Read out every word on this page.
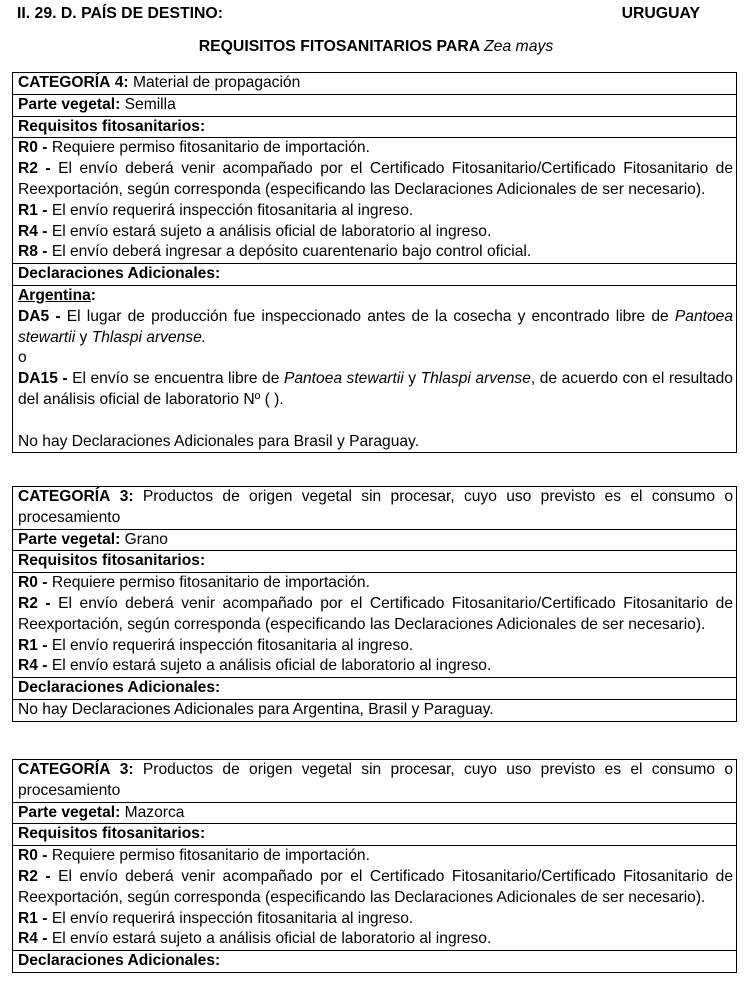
II. 29. D. PAÍS DE DESTINO:	URUGUAY
REQUISITOS FITOSANITARIOS PARA Zea mays
CATEGORÍA 4: Material de propagación
Parte vegetal: Semilla
Requisitos fitosanitarios:

R0 - Requiere permiso fitosanitario de importación.
R2 - El envío deberá venir acompañado por el Certificado Fitosanitario/Certificado Fitosanitario de Reexportación, según corresponda (especificando las Declaraciones Adicionales de ser necesario).
R1 - El envío requerirá inspección fitosanitaria al ingreso.
R4 - El envío estará sujeto a análisis oficial de laboratorio al ingreso.
R8 - El envío deberá ingresar a depósito cuarentenario bajo control oficial.

Declaraciones Adicionales:

Argentina:
DA5 - El lugar de producción fue inspeccionado antes de la cosecha y encontrado libre de Pantoea stewartii y Thlaspi arvense.
o
DA15 - El envío se encuentra libre de Pantoea stewartii y Thlaspi arvense, de acuerdo con el resultado del análisis oficial de laboratorio Nº ( ).
No hay Declaraciones Adicionales para Brasil y Paraguay.
CATEGORÍA 3: Productos de origen vegetal sin procesar, cuyo uso previsto es el consumo o procesamiento
Parte vegetal: Grano
Requisitos fitosanitarios:

R0 - Requiere permiso fitosanitario de importación.
R2 - El envío deberá venir acompañado por el Certificado Fitosanitario/Certificado Fitosanitario de Reexportación, según corresponda (especificando las Declaraciones Adicionales de ser necesario).
R1 - El envío requerirá inspección fitosanitaria al ingreso.
R4 - El envío estará sujeto a análisis oficial de laboratorio al ingreso.

Declaraciones Adicionales:
No hay Declaraciones Adicionales para Argentina, Brasil y Paraguay.
CATEGORÍA 3: Productos de origen vegetal sin procesar, cuyo uso previsto es el consumo o procesamiento
Parte vegetal: Mazorca
Requisitos fitosanitarios:

R0 - Requiere permiso fitosanitario de importación.
R2 - El envío deberá venir acompañado por el Certificado Fitosanitario/Certificado Fitosanitario de Reexportación, según corresponda (especificando las Declaraciones Adicionales de ser necesario).
R1 - El envío requerirá inspección fitosanitaria al ingreso.
R4 - El envío estará sujeto a análisis oficial de laboratorio al ingreso.

Declaraciones Adicionales:
